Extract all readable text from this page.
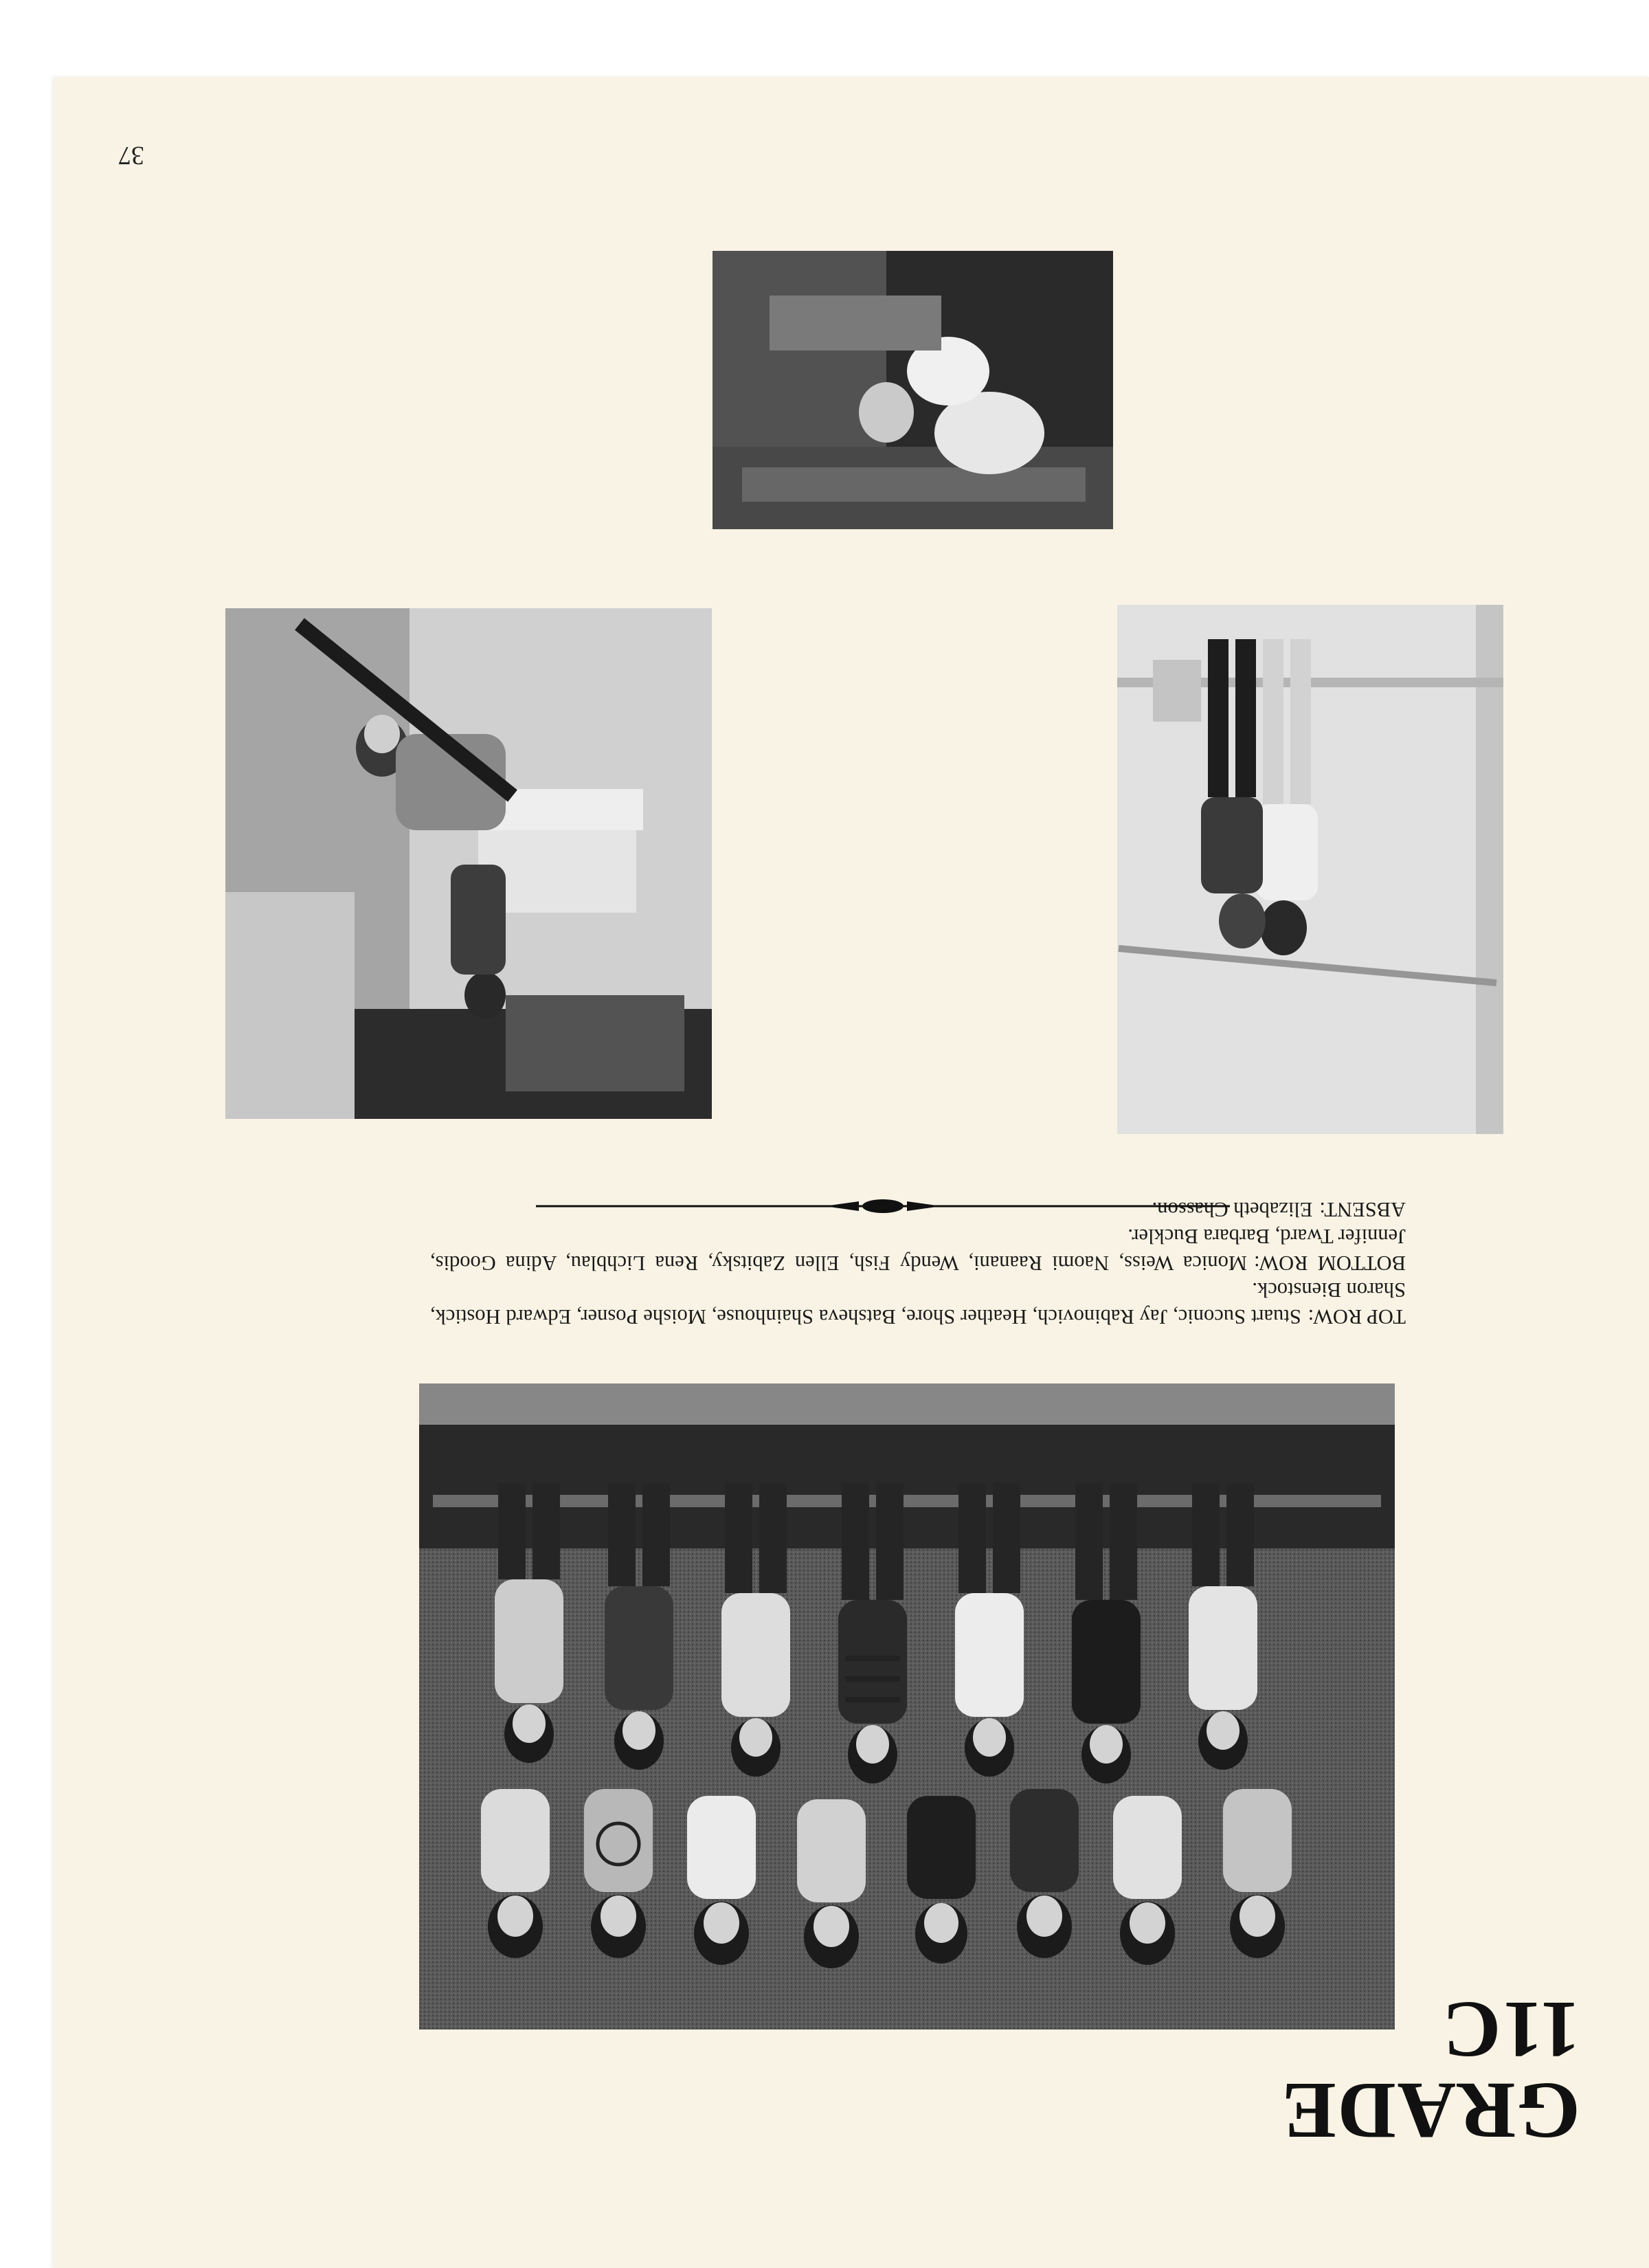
37
GRADE 11C

TOP ROW:Stuart Suconic, Jay Rabinovich, Heather Shore, Batsheva Shainhouse, Moishe Posner, Edward Hostick, Sharon Bienstock.

BOTTOM ROW:Monica Weiss, Naomi Raanani, Wendy Fish, Ellen Zabitsky, Rena Lichblau, Adina Goodis, Jennifer Tward, Barbara Buckler.

ABSENT:Elizabeth Chasson.
